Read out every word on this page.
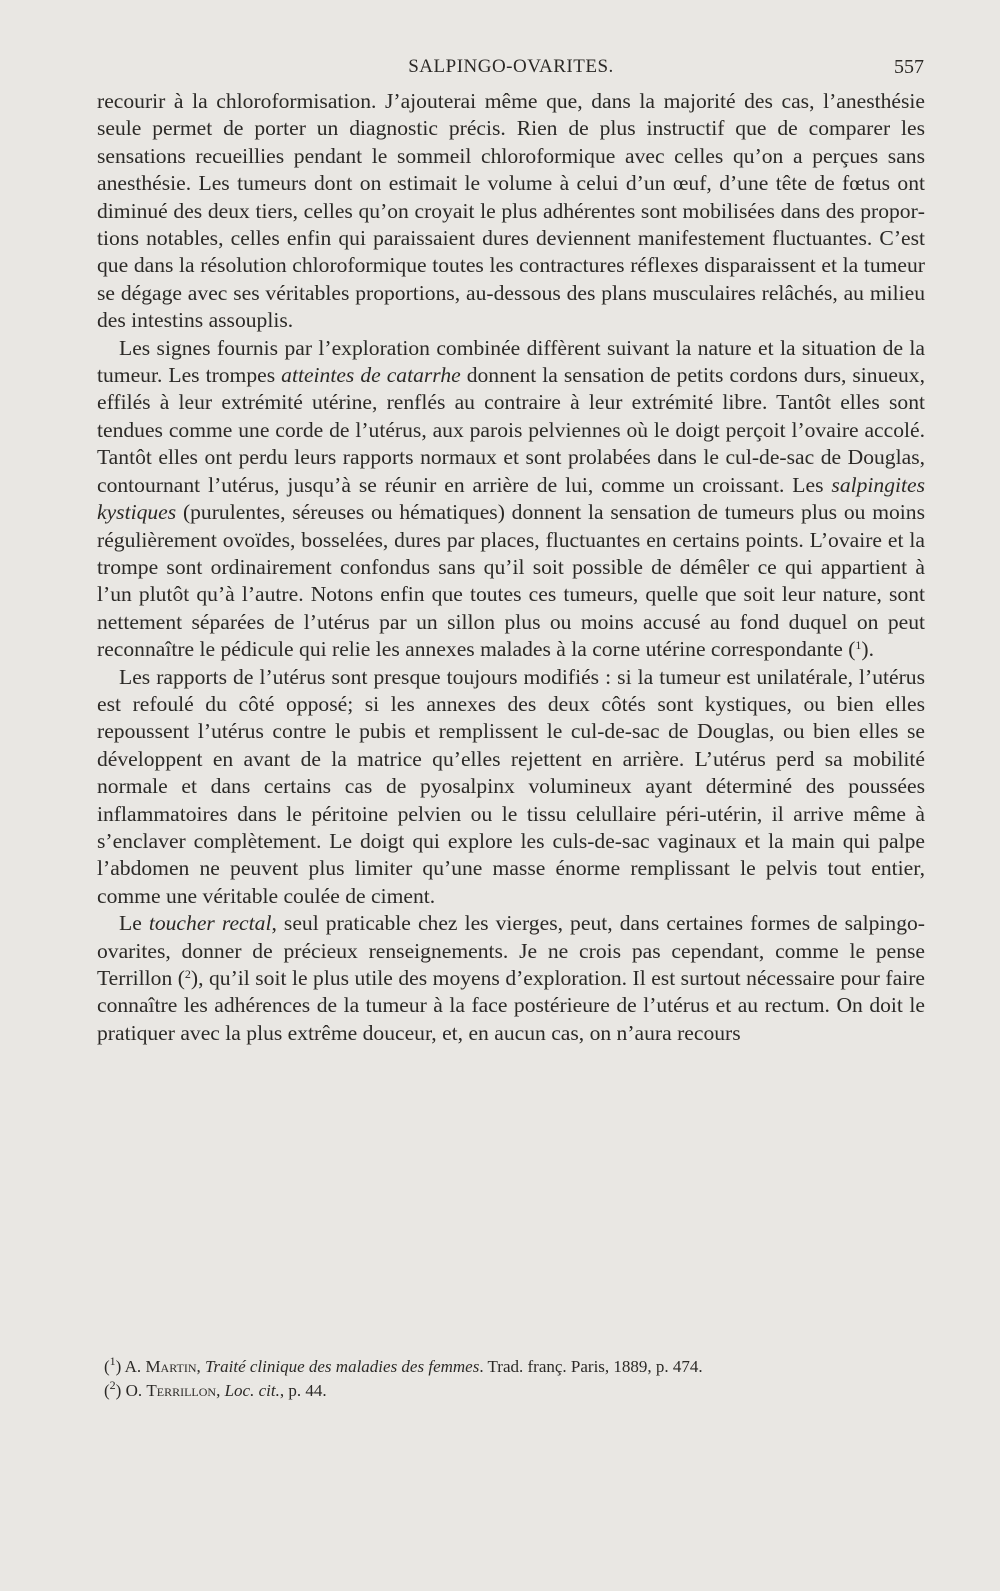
SALPINGO-OVARITES.	557

recourir à la chloroformisation. J’ajouterai même que, dans la majorité des cas, l’anesthésie seule permet de porter un diagnostic précis. Rien de plus instructif que de comparer les sensations recueillies pendant le sommeil chloroformique avec celles qu’on a perçues sans anesthésie. Les tumeurs dont on estimait le volume à celui d’un œuf, d’une tête de fœtus ont diminué des deux tiers, celles qu’on croyait le plus adhérentes sont mobilisées dans des proportions notables, celles enfin qui paraissaient dures deviennent manifestement fluctuantes. C’est que dans la résolution chloroformique toutes les contractures réflexes disparaissent et la tumeur se dégage avec ses véritables proportions, au-dessous des plans musculaires relâchés, au milieu des intestins assouplis.

Les signes fournis par l’exploration combinée diffèrent suivant la nature et la situation de la tumeur. Les trompes atteintes de catarrhe donnent la sensation de petits cordons durs, sinueux, effilés à leur extrémité utérine, renflés au contraire à leur extrémité libre. Tantôt elles sont tendues comme une corde de l’utérus, aux parois pelviennes où le doigt perçoit l’ovaire accolé. Tantôt elles ont perdu leurs rapports normaux et sont prolabées dans le cul-de-sac de Douglas, contournant l’utérus, jusqu’à se réunir en arrière de lui, comme un croissant. Les salpingites kystiques (purulentes, séreuses ou hématiques) donnent la sensation de tumeurs plus ou moins régulièrement ovoïdes, bosselées, dures par places, fluctuantes en certains points. L’ovaire et la trompe sont ordinairement confondus sans qu’il soit possible de démêler ce qui appartient à l’un plutôt qu’à l’autre. Notons enfin que toutes ces tumeurs, quelle que soit leur nature, sont nettement séparées de l’utérus par un sillon plus ou moins accusé au fond duquel on peut reconnaître le pédicule qui relie les annexes malades à la corne utérine correspondante ($^1$).

Les rapports de l’utérus sont presque toujours modifiés : si la tumeur est unilatérale, l’utérus est refoulé du côté opposé; si les annexes des deux côtés sont kystiques, ou bien elles repoussent l’utérus contre le pubis et remplissent le cul-de-sac de Douglas, ou bien elles se développent en avant de la matrice qu’elles rejettent en arrière. L’utérus perd sa mobilité normale et dans certains cas de pyosalpinx volumineux ayant déterminé des poussées inflammatoires dans le péritoine pelvien ou le tissu celullaire péri-utérin, il arrive même à s’enclaver complètement. Le doigt qui explore les culs-de-sac vaginaux et la main qui palpe l’abdomen ne peuvent plus limiter qu’une masse énorme remplissant le pelvis tout entier, comme une véritable coulée de ciment.

Le toucher rectal, seul praticable chez les vierges, peut, dans certaines formes de salpingo-ovarites, donner de précieux renseignements. Je ne crois pas cependant, comme le pense Terrillon ($^2$), qu’il soit le plus utile des moyens d’exploration. Il est surtout nécessaire pour faire connaître les adhérences de la tumeur à la face postérieure de l’utérus et au rectum. On doit le pratiquer avec la plus extrême douceur, et, en aucun cas, on n’aura recours

($^1$) A. Martin, Traité clinique des maladies des femmes. Trad. franç. Paris, 1889, p. 474.

($^2$) O. Terrillon, Loc. cit., p. 44.
